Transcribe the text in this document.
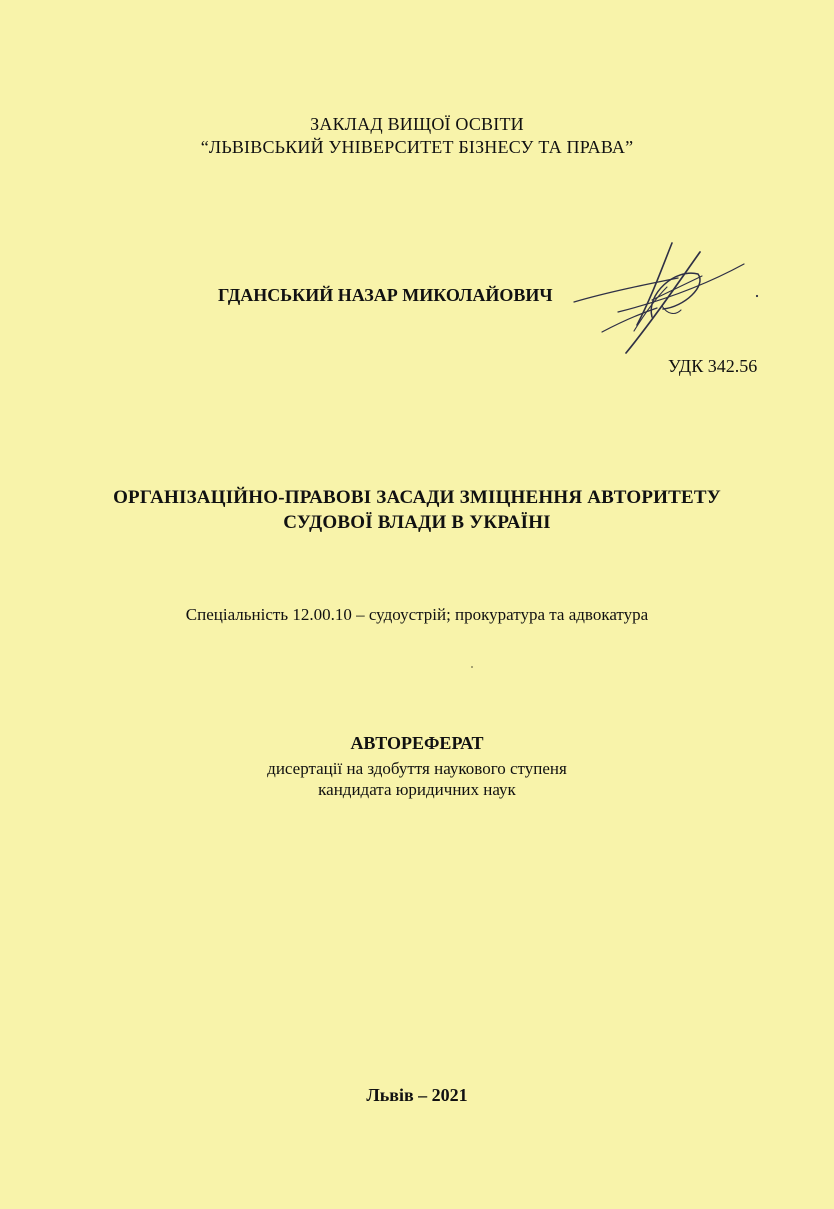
ЗАКЛАД ВИЩОЇ ОСВІТИ
“ЛЬВІВСЬКИЙ УНІВЕРСИТЕТ БІЗНЕСУ ТА ПРАВА”
ГДАНСЬКИЙ НАЗАР МИКОЛАЙОВИЧ
УДК 342.56
ОРГАНІЗАЦІЙНО-ПРАВОВІ ЗАСАДИ ЗМІЦНЕННЯ АВТОРИТЕТУ
СУДОВОЇ ВЛАДИ В УКРАЇНІ
Спеціальність 12.00.10 – судоустрій; прокуратура та адвокатура
АВТОРЕФЕРАТ
дисертації на здобуття наукового ступеня
кандидата юридичних наук
Львів – 2021
